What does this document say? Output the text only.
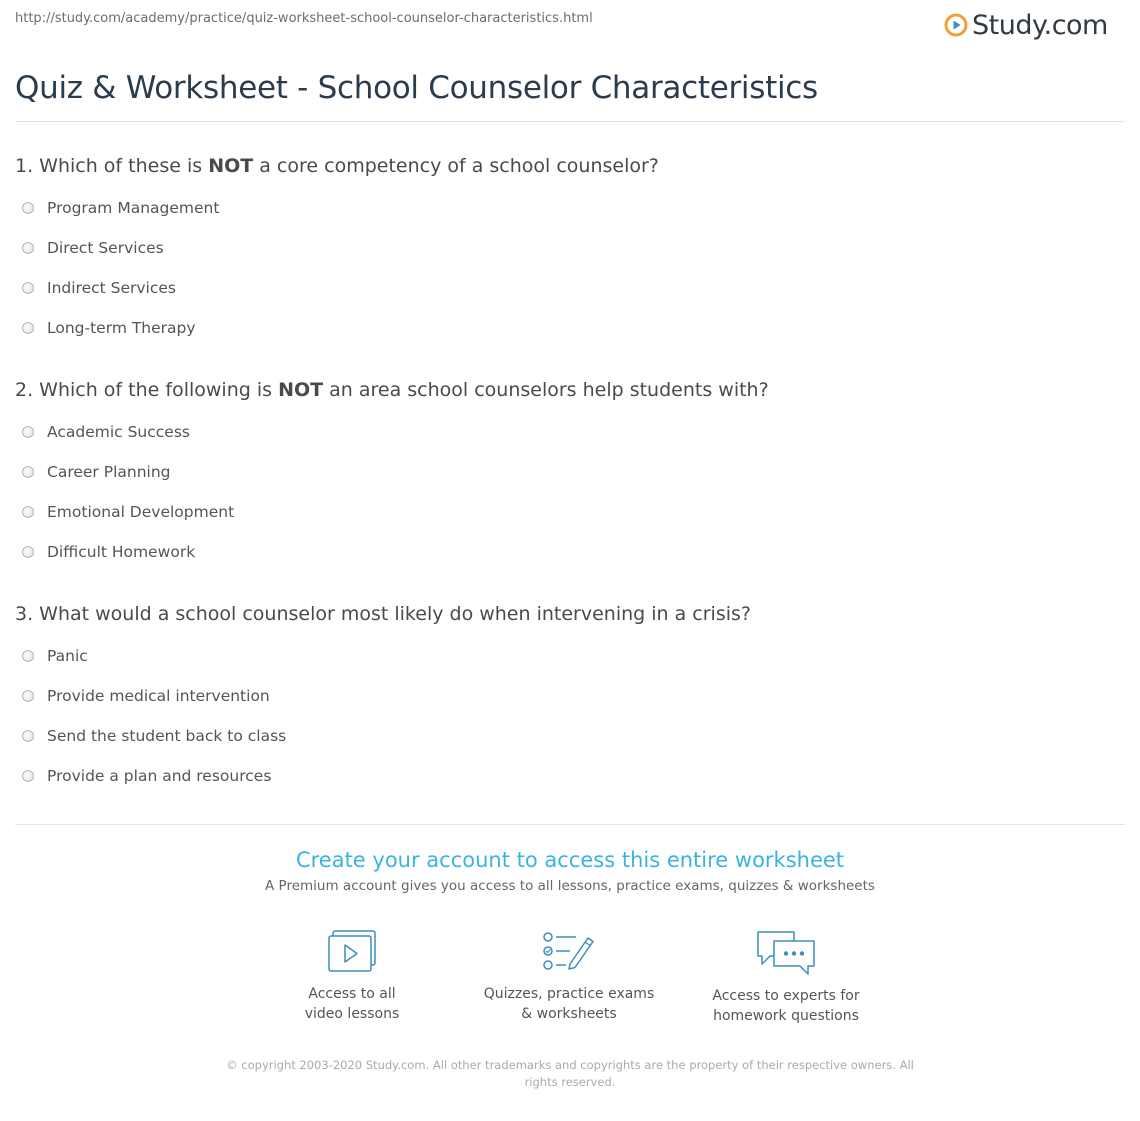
http://study.com/academy/practice/quiz-worksheet-school-counselor-characteristics.html	Study.com
Quiz & Worksheet - School Counselor Characteristics
1. Which of these is NOT a core competency of a school counselor?
Program Management
Direct Services
Indirect Services
Long-term Therapy
2. Which of the following is NOT an area school counselors help students with?
Academic Success
Career Planning
Emotional Development
Difficult Homework
3. What would a school counselor most likely do when intervening in a crisis?
Panic
Provide medical intervention
Send the student back to class
Provide a plan and resources
Create your account to access this entire worksheet
A Premium account gives you access to all lessons, practice exams, quizzes & worksheets
Access to all
video lessons
Quizzes, practice exams
& worksheets
Access to experts for
homework questions
© copyright 2003-2020 Study.com. All other trademarks and copyrights are the property of their respective owners. All rights reserved.
